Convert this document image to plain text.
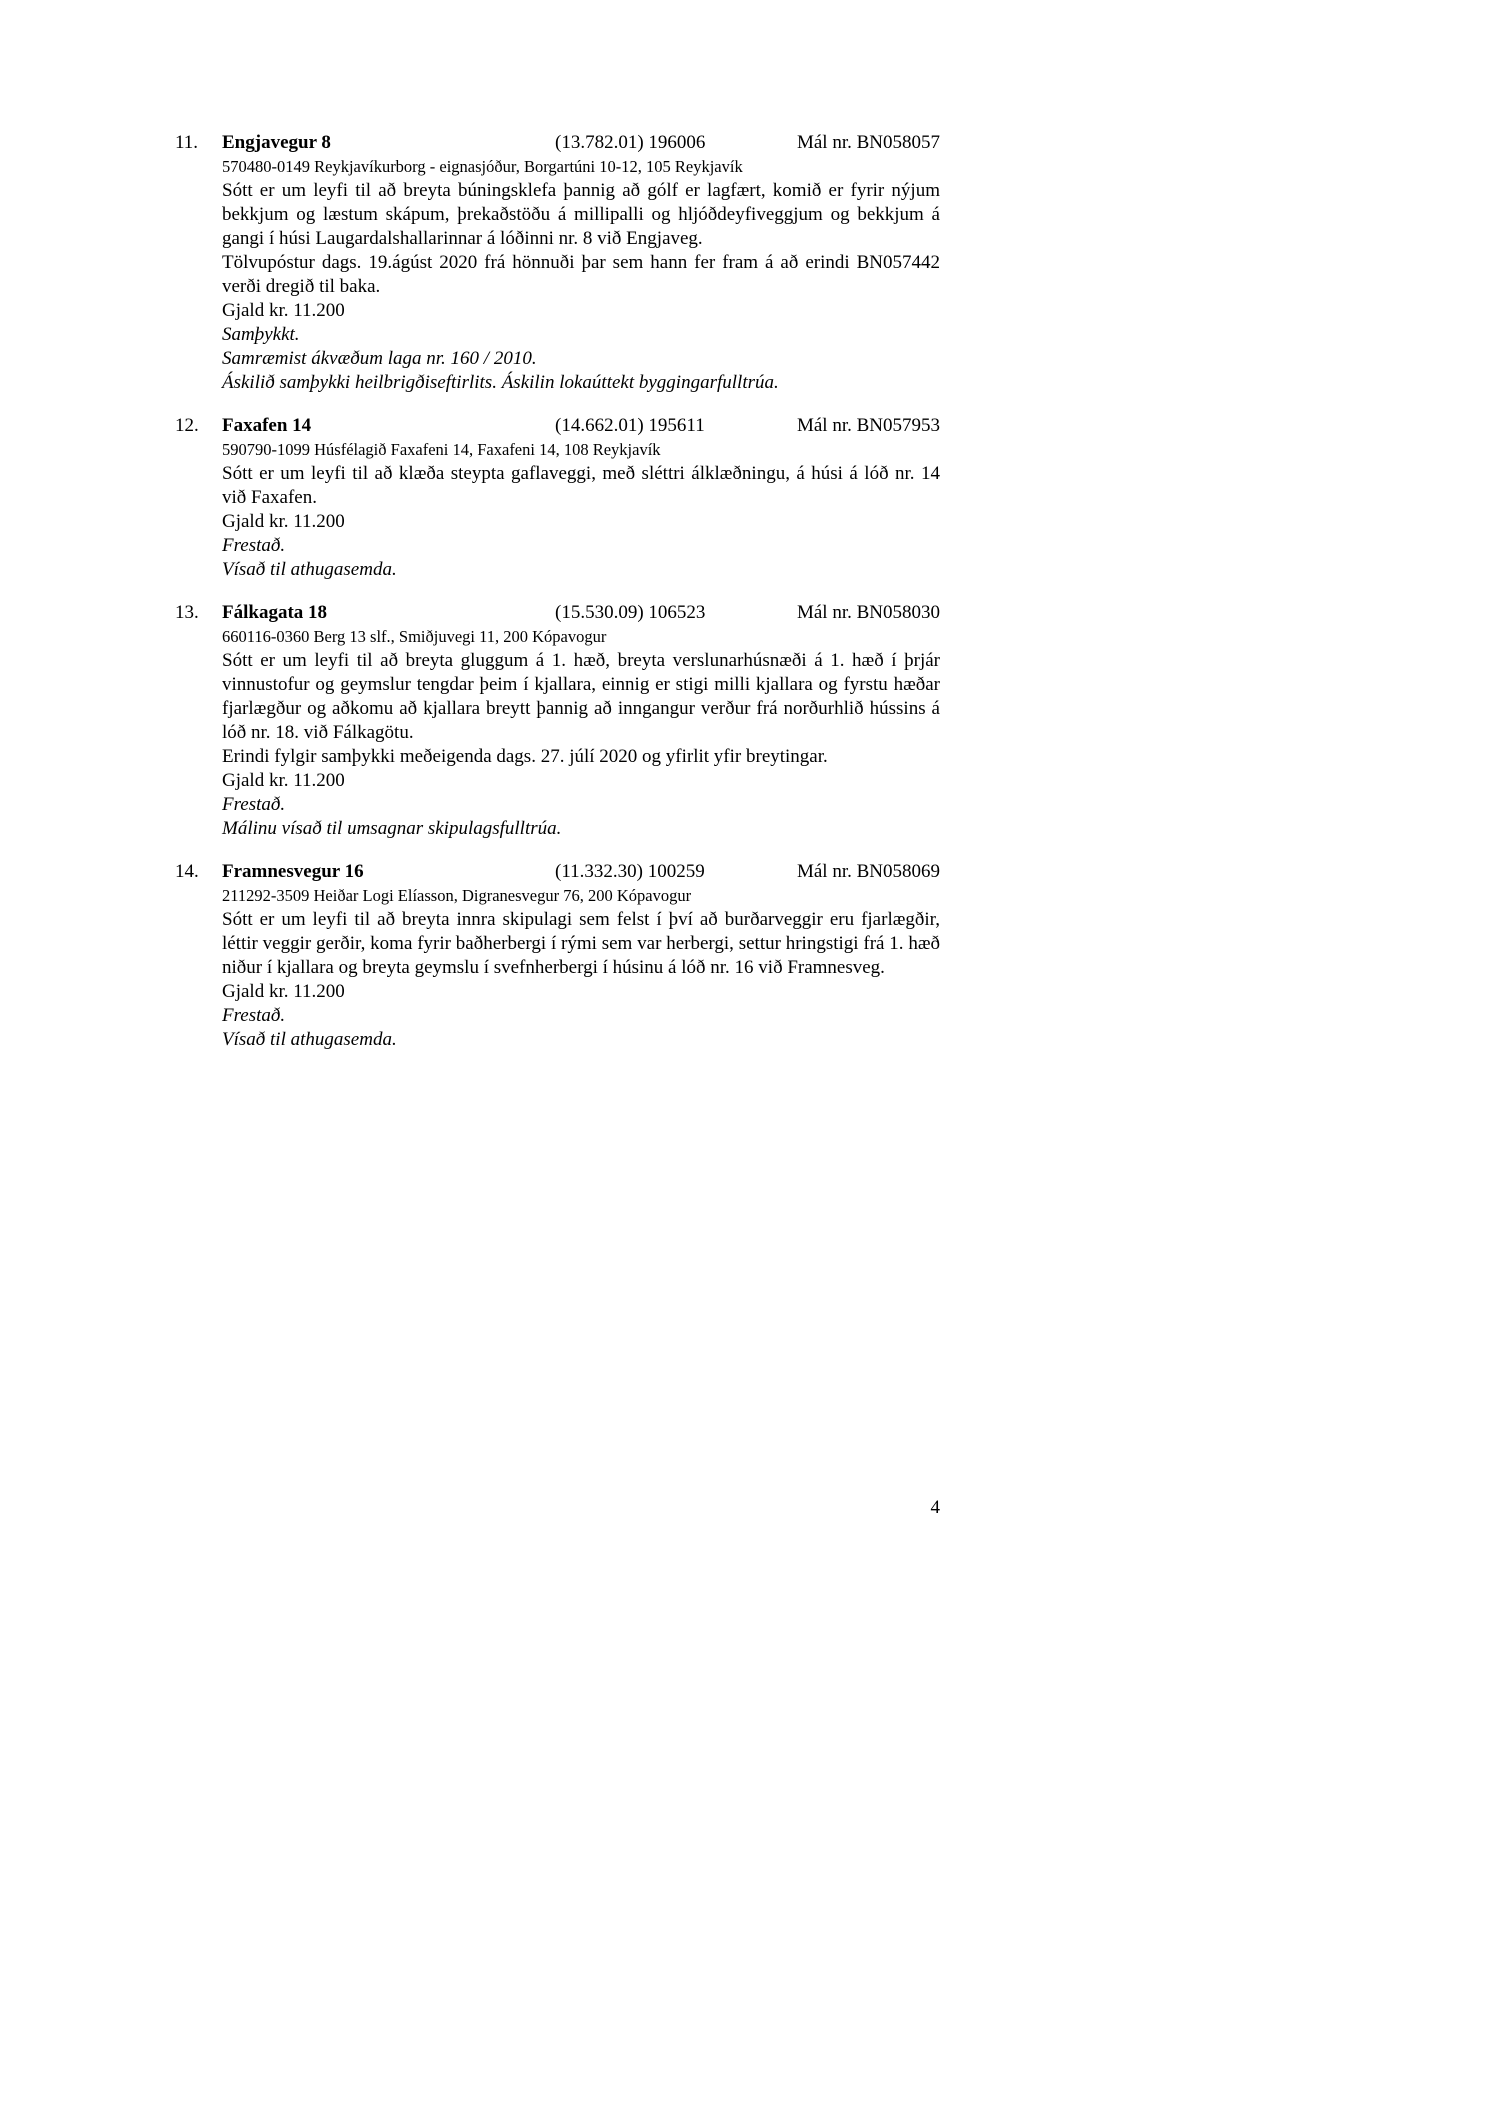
11.	Engjavegur 8	(13.782.01) 196006	Mál nr. BN058057

570480-0149 Reykjavíkurborg - eignasjóður, Borgartúni 10-12, 105 Reykjavík

Sótt er um leyfi til að breyta búningsklefa þannig að gólf er lagfært, komið er fyrir nýjum bekkjum og læstum skápum, þrekaðstöðu á millipalli og hljóðdeyfiveggjum og bekkjum á gangi í húsi Laugardalshallarinnar á lóðinni nr. 8 við Engjaveg.

Tölvupóstur dags. 19.ágúst 2020 frá hönnuði þar sem hann fer fram á að erindi BN057442 verði dregið til baka.

Gjald kr. 11.200

Samþykkt.

Samræmist ákvæðum laga nr. 160 / 2010.

Áskilið samþykki heilbrigðiseftirlits. Áskilin lokaúttekt byggingarfulltrúa.

12.	Faxafen 14	(14.662.01) 195611	Mál nr. BN057953

590790-1099 Húsfélagið Faxafeni 14, Faxafeni 14, 108 Reykjavík

Sótt er um leyfi til að klæða steypta gaflaveggi, með sléttri álklæðningu, á húsi á lóð nr. 14 við Faxafen.

Gjald kr. 11.200

Frestað.

Vísað til athugasemda.

13.	Fálkagata 18	(15.530.09) 106523	Mál nr. BN058030

660116-0360 Berg 13 slf., Smiðjuvegi 11, 200 Kópavogur

Sótt er um leyfi til að breyta gluggum á 1. hæð, breyta verslunarhúsnæði á 1. hæð í þrjár vinnustofur og geymslur tengdar þeim í kjallara, einnig er stigi milli kjallara og fyrstu hæðar fjarlægður og aðkomu að kjallara breytt þannig að inngangur verður frá norðurhlið hússins á lóð nr. 18. við Fálkagötu.

Erindi fylgir samþykki meðeigenda dags. 27. júlí 2020 og yfirlit yfir breytingar.

Gjald kr. 11.200

Frestað.

Málinu vísað til umsagnar skipulagsfulltrúa.

14.	Framnesvegur 16	(11.332.30) 100259	Mál nr. BN058069

211292-3509 Heiðar Logi Elíasson, Digranesvegur 76, 200 Kópavogur

Sótt er um leyfi til að breyta innra skipulagi sem felst í því að burðarveggir eru fjarlægðir, léttir veggir gerðir, koma fyrir baðherbergi í rými sem var herbergi, settur hringstigi frá 1. hæð niður í kjallara og breyta geymslu í svefnherbergi í húsinu á lóð nr. 16 við Framnesveg.

Gjald kr. 11.200

Frestað.

Vísað til athugasemda.

4
